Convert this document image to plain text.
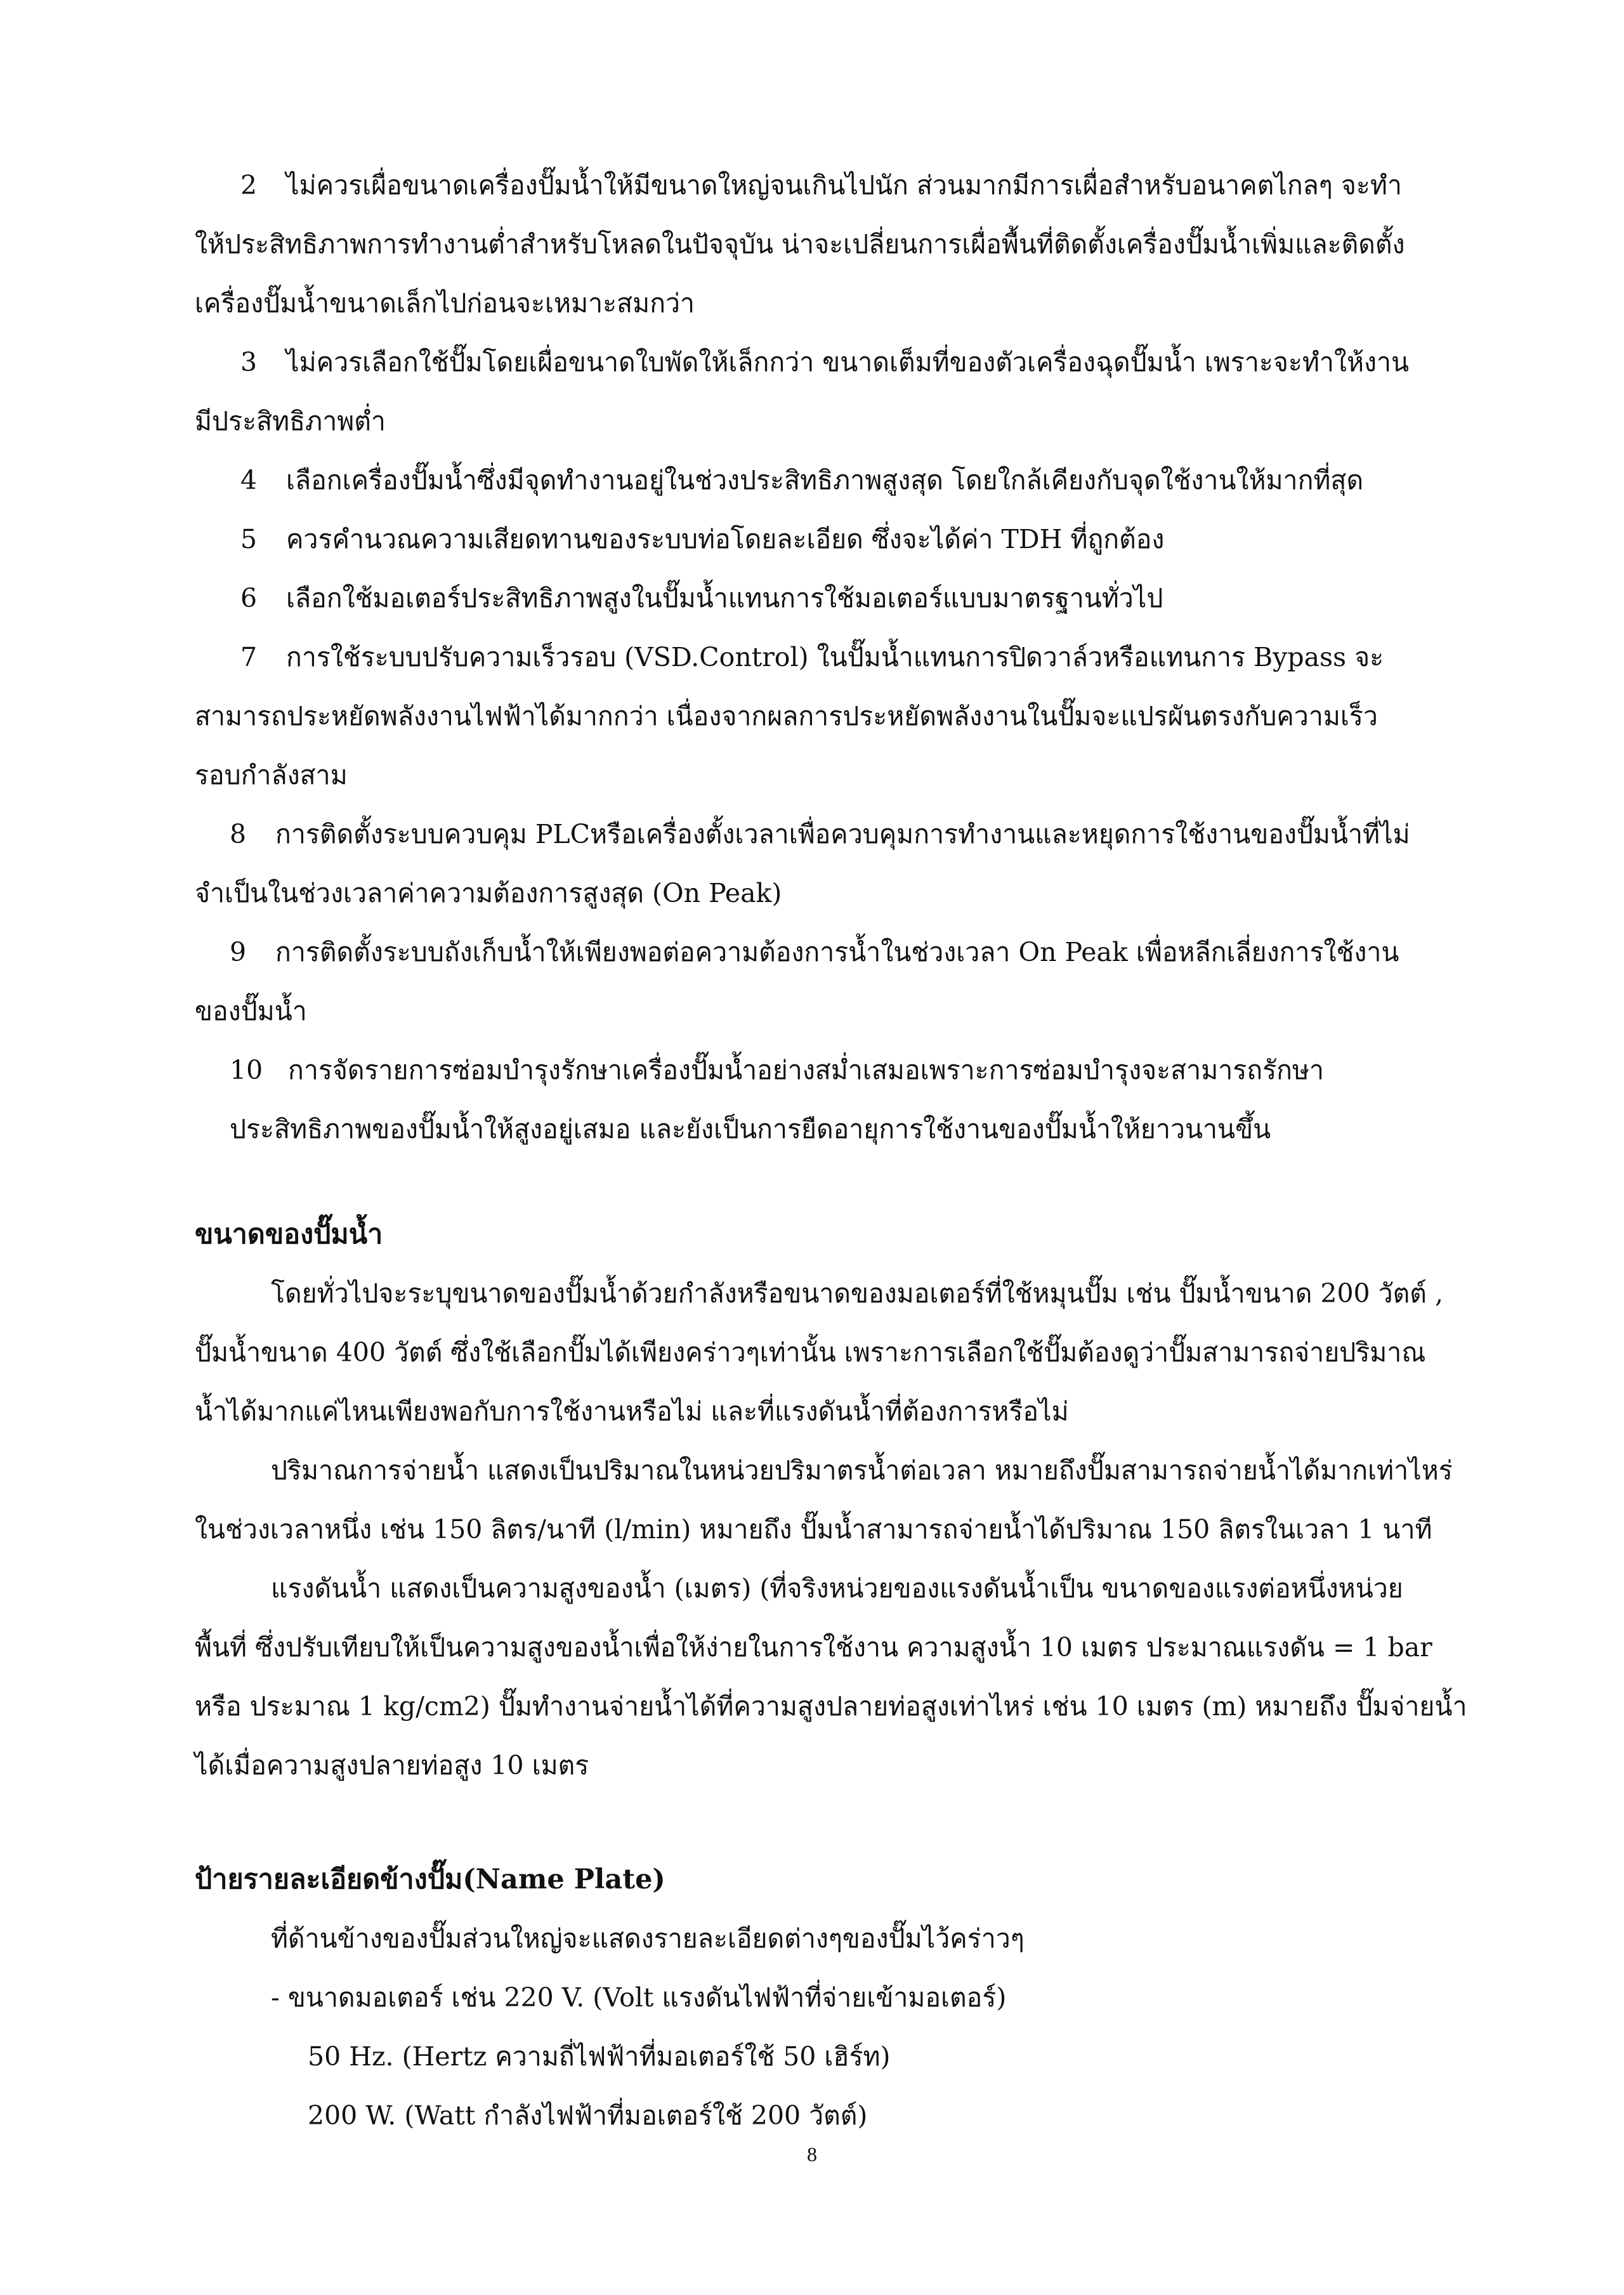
2 ไม่ควรเผื่อขนาดเครื่องปั๊มน้ำให้มีขนาดใหญ่จนเกินไปนัก ส่วนมากมีการเผื่อสำหรับอนาคตไกลๆ จะทำ
ให้ประสิทธิภาพการทำงานต่ำสำหรับโหลดในปัจจุบัน น่าจะเปลี่ยนการเผื่อพื้นที่ติดตั้งเครื่องปั๊มน้ำเพิ่มและติดตั้ง
เครื่องปั๊มน้ำขนาดเล็กไปก่อนจะเหมาะสมกว่า
3 ไม่ควรเลือกใช้ปั๊มโดยเผื่อขนาดใบพัดให้เล็กกว่า ขนาดเต็มที่ของตัวเครื่องฉุดปั๊มน้ำ เพราะจะทำให้งาน
มีประสิทธิภาพต่ำ
4 เลือกเครื่องปั๊มน้ำซึ่งมีจุดทำงานอยู่ในช่วงประสิทธิภาพสูงสุด โดยใกล้เคียงกับจุดใช้งานให้มากที่สุด
5 ควรคำนวณความเสียดทานของระบบท่อโดยละเอียด ซึ่งจะได้ค่า TDH ที่ถูกต้อง
6 เลือกใช้มอเตอร์ประสิทธิภาพสูงในปั๊มน้ำแทนการใช้มอเตอร์แบบมาตรฐานทั่วไป
7 การใช้ระบบปรับความเร็วรอบ (VSD.Control) ในปั๊มน้ำแทนการปิดวาล์วหรือแทนการ Bypass จะ
สามารถประหยัดพลังงานไฟฟ้าได้มากกว่า เนื่องจากผลการประหยัดพลังงานในปั๊มจะแปรผันตรงกับความเร็ว
รอบกำลังสาม
8 การติดตั้งระบบควบคุม PLCหรือเครื่องตั้งเวลาเพื่อควบคุมการทำงานและหยุดการใช้งานของปั๊มน้ำที่ไม่
จำเป็นในช่วงเวลาค่าความต้องการสูงสุด (On Peak)
9 การติดตั้งระบบถังเก็บน้ำให้เพียงพอต่อความต้องการน้ำในช่วงเวลา On Peak เพื่อหลีกเลี่ยงการใช้งาน
ของปั๊มน้ำ
10 การจัดรายการซ่อมบำรุงรักษาเครื่องปั๊มน้ำอย่างสม่ำเสมอเพราะการซ่อมบำรุงจะสามารถรักษา
ประสิทธิภาพของปั๊มน้ำให้สูงอยู่เสมอ และยังเป็นการยืดอายุการใช้งานของปั๊มน้ำให้ยาวนานขึ้น
ขนาดของปั๊มน้ำ
โดยทั่วไปจะระบุขนาดของปั๊มน้ำด้วยกำลังหรือขนาดของมอเตอร์ที่ใช้หมุนปั๊ม เช่น ปั๊มน้ำขนาด 200 วัตต์ ,
ปั๊มน้ำขนาด 400 วัตต์ ซึ่งใช้เลือกปั๊มได้เพียงคร่าวๆเท่านั้น เพราะการเลือกใช้ปั๊มต้องดูว่าปั๊มสามารถจ่ายปริมาณ
น้ำได้มากแค่ไหนเพียงพอกับการใช้งานหรือไม่ และที่แรงดันน้ำที่ต้องการหรือไม่
ปริมาณการจ่ายน้ำ แสดงเป็นปริมาณในหน่วยปริมาตรน้ำต่อเวลา หมายถึงปั๊มสามารถจ่ายน้ำได้มากเท่าไหร่
ในช่วงเวลาหนึ่ง เช่น 150 ลิตร/นาที (l/min) หมายถึง ปั๊มน้ำสามารถจ่ายน้ำได้ปริมาณ 150 ลิตรในเวลา 1 นาที
แรงดันน้ำ แสดงเป็นความสูงของน้ำ (เมตร) (ที่จริงหน่วยของแรงดันน้ำเป็น ขนาดของแรงต่อหนึ่งหน่วย
พื้นที่ ซึ่งปรับเทียบให้เป็นความสูงของน้ำเพื่อให้ง่ายในการใช้งาน ความสูงน้ำ 10 เมตร ประมาณแรงดัน = 1 bar
หรือ ประมาณ 1 kg/cm2) ปั๊มทำงานจ่ายน้ำได้ที่ความสูงปลายท่อสูงเท่าไหร่ เช่น 10 เมตร (m) หมายถึง ปั๊มจ่ายน้ำ
ได้เมื่อความสูงปลายท่อสูง 10 เมตร
ป้ายรายละเอียดข้างปั๊ม(Name Plate)
ที่ด้านข้างของปั๊มส่วนใหญ่จะแสดงรายละเอียดต่างๆของปั๊มไว้คร่าวๆ
- ขนาดมอเตอร์ เช่น 220 V. (Volt แรงดันไฟฟ้าที่จ่ายเข้ามอเตอร์)
50 Hz. (Hertz ความถี่ไฟฟ้าที่มอเตอร์ใช้ 50 เฮิร์ท)
200 W. (Watt กำลังไฟฟ้าที่มอเตอร์ใช้ 200 วัตต์)
8
